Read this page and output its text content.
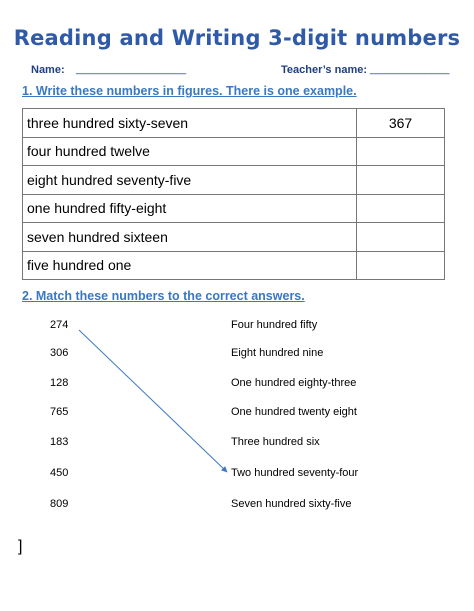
Reading and Writing 3-digit numbers
Name: __________________	Teacher’s name: _____________
1. Write these numbers in figures. There is one example.
three hundred sixty-seven	367
four hundred twelve	
eight hundred seventy-five	
one hundred fifty-eight	
seven hundred sixteen	
five hundred one	
2. Match these numbers to the correct answers.
274
306
128
765
183
450
809
Four hundred fifty
Eight hundred nine
One hundred eighty-three
One hundred twenty eight
Three hundred six
Two hundred seventy-four
Seven hundred sixty-five
]
